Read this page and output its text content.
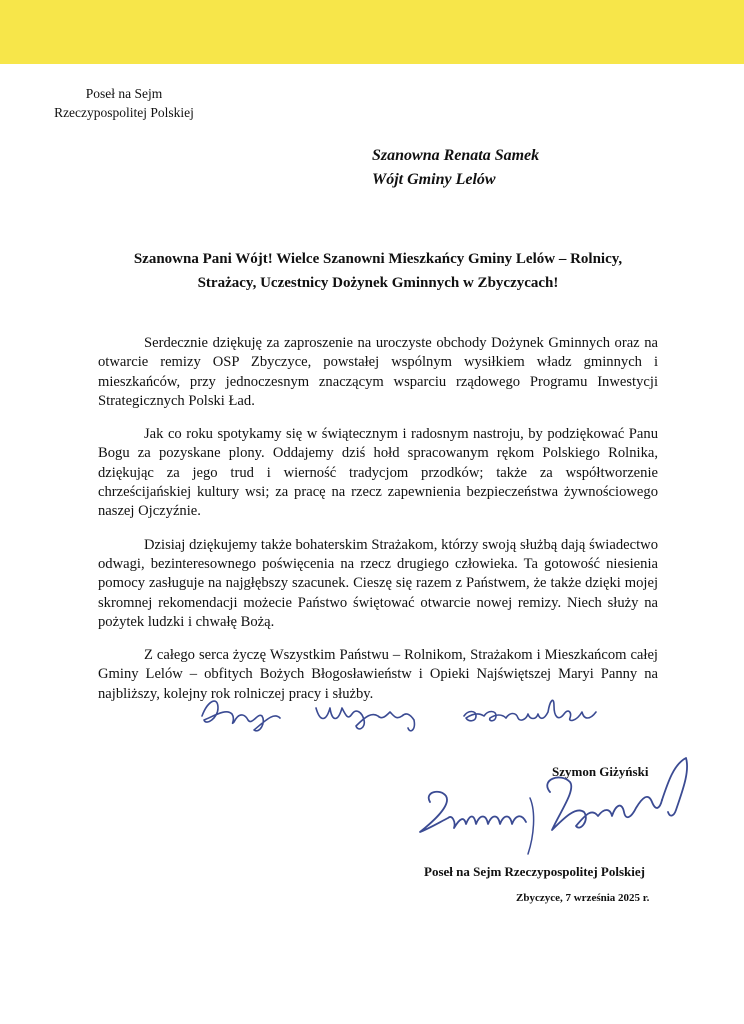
Poseł na Sejm
Rzeczypospolitej Polskiej
Szanowna Renata Samek
Wójt Gminy Lelów
Szanowna Pani Wójt! Wielce Szanowni Mieszkańcy Gminy Lelów – Rolnicy,
Strażacy, Uczestnicy Dożynek Gminnych w Zbyczycach!

Serdecznie dziękuję za zaproszenie na uroczyste obchody Dożynek Gminnych oraz na otwarcie remizy OSP Zbyczyce, powstałej wspólnym wysiłkiem władz gminnych i mieszkańców, przy jednoczesnym znaczącym wsparciu rządowego Programu Inwestycji Strategicznych Polski Ład.

Jak co roku spotykamy się w świątecznym i radosnym nastroju, by podziękować Panu Bogu za pozyskane plony. Oddajemy dziś hołd spracowanym rękom Polskiego Rolnika, dziękując za jego trud i wierność tradycjom przodków; także za współtworzenie chrześcijańskiej kultury wsi; za pracę na rzecz zapewnienia bezpieczeństwa żywnościowego naszej Ojczyźnie.

Dzisiaj dziękujemy także bohaterskim Strażakom, którzy swoją służbą dają świadectwo odwagi, bezinteresownego poświęcenia na rzecz drugiego człowieka. Ta gotowość niesienia pomocy zasługuje na najgłębszy szacunek. Cieszę się razem z Państwem, że także dzięki mojej skromnej rekomendacji możecie Państwo świętować otwarcie nowej remizy. Niech służy na pożytek ludzki i chwałę Bożą.

Z całego serca życzę Wszystkim Państwu – Rolnikom, Strażakom i Mieszkańcom całej Gminy Lelów – obfitych Bożych Błogosławieństw i Opieki Najświętszej Maryi Panny na najbliższy, kolejny rok rolniczej pracy i służby.

Szymon Giżyński
Poseł na Sejm Rzeczypospolitej Polskiej
Zbyczyce, 7 września 2025 r.
